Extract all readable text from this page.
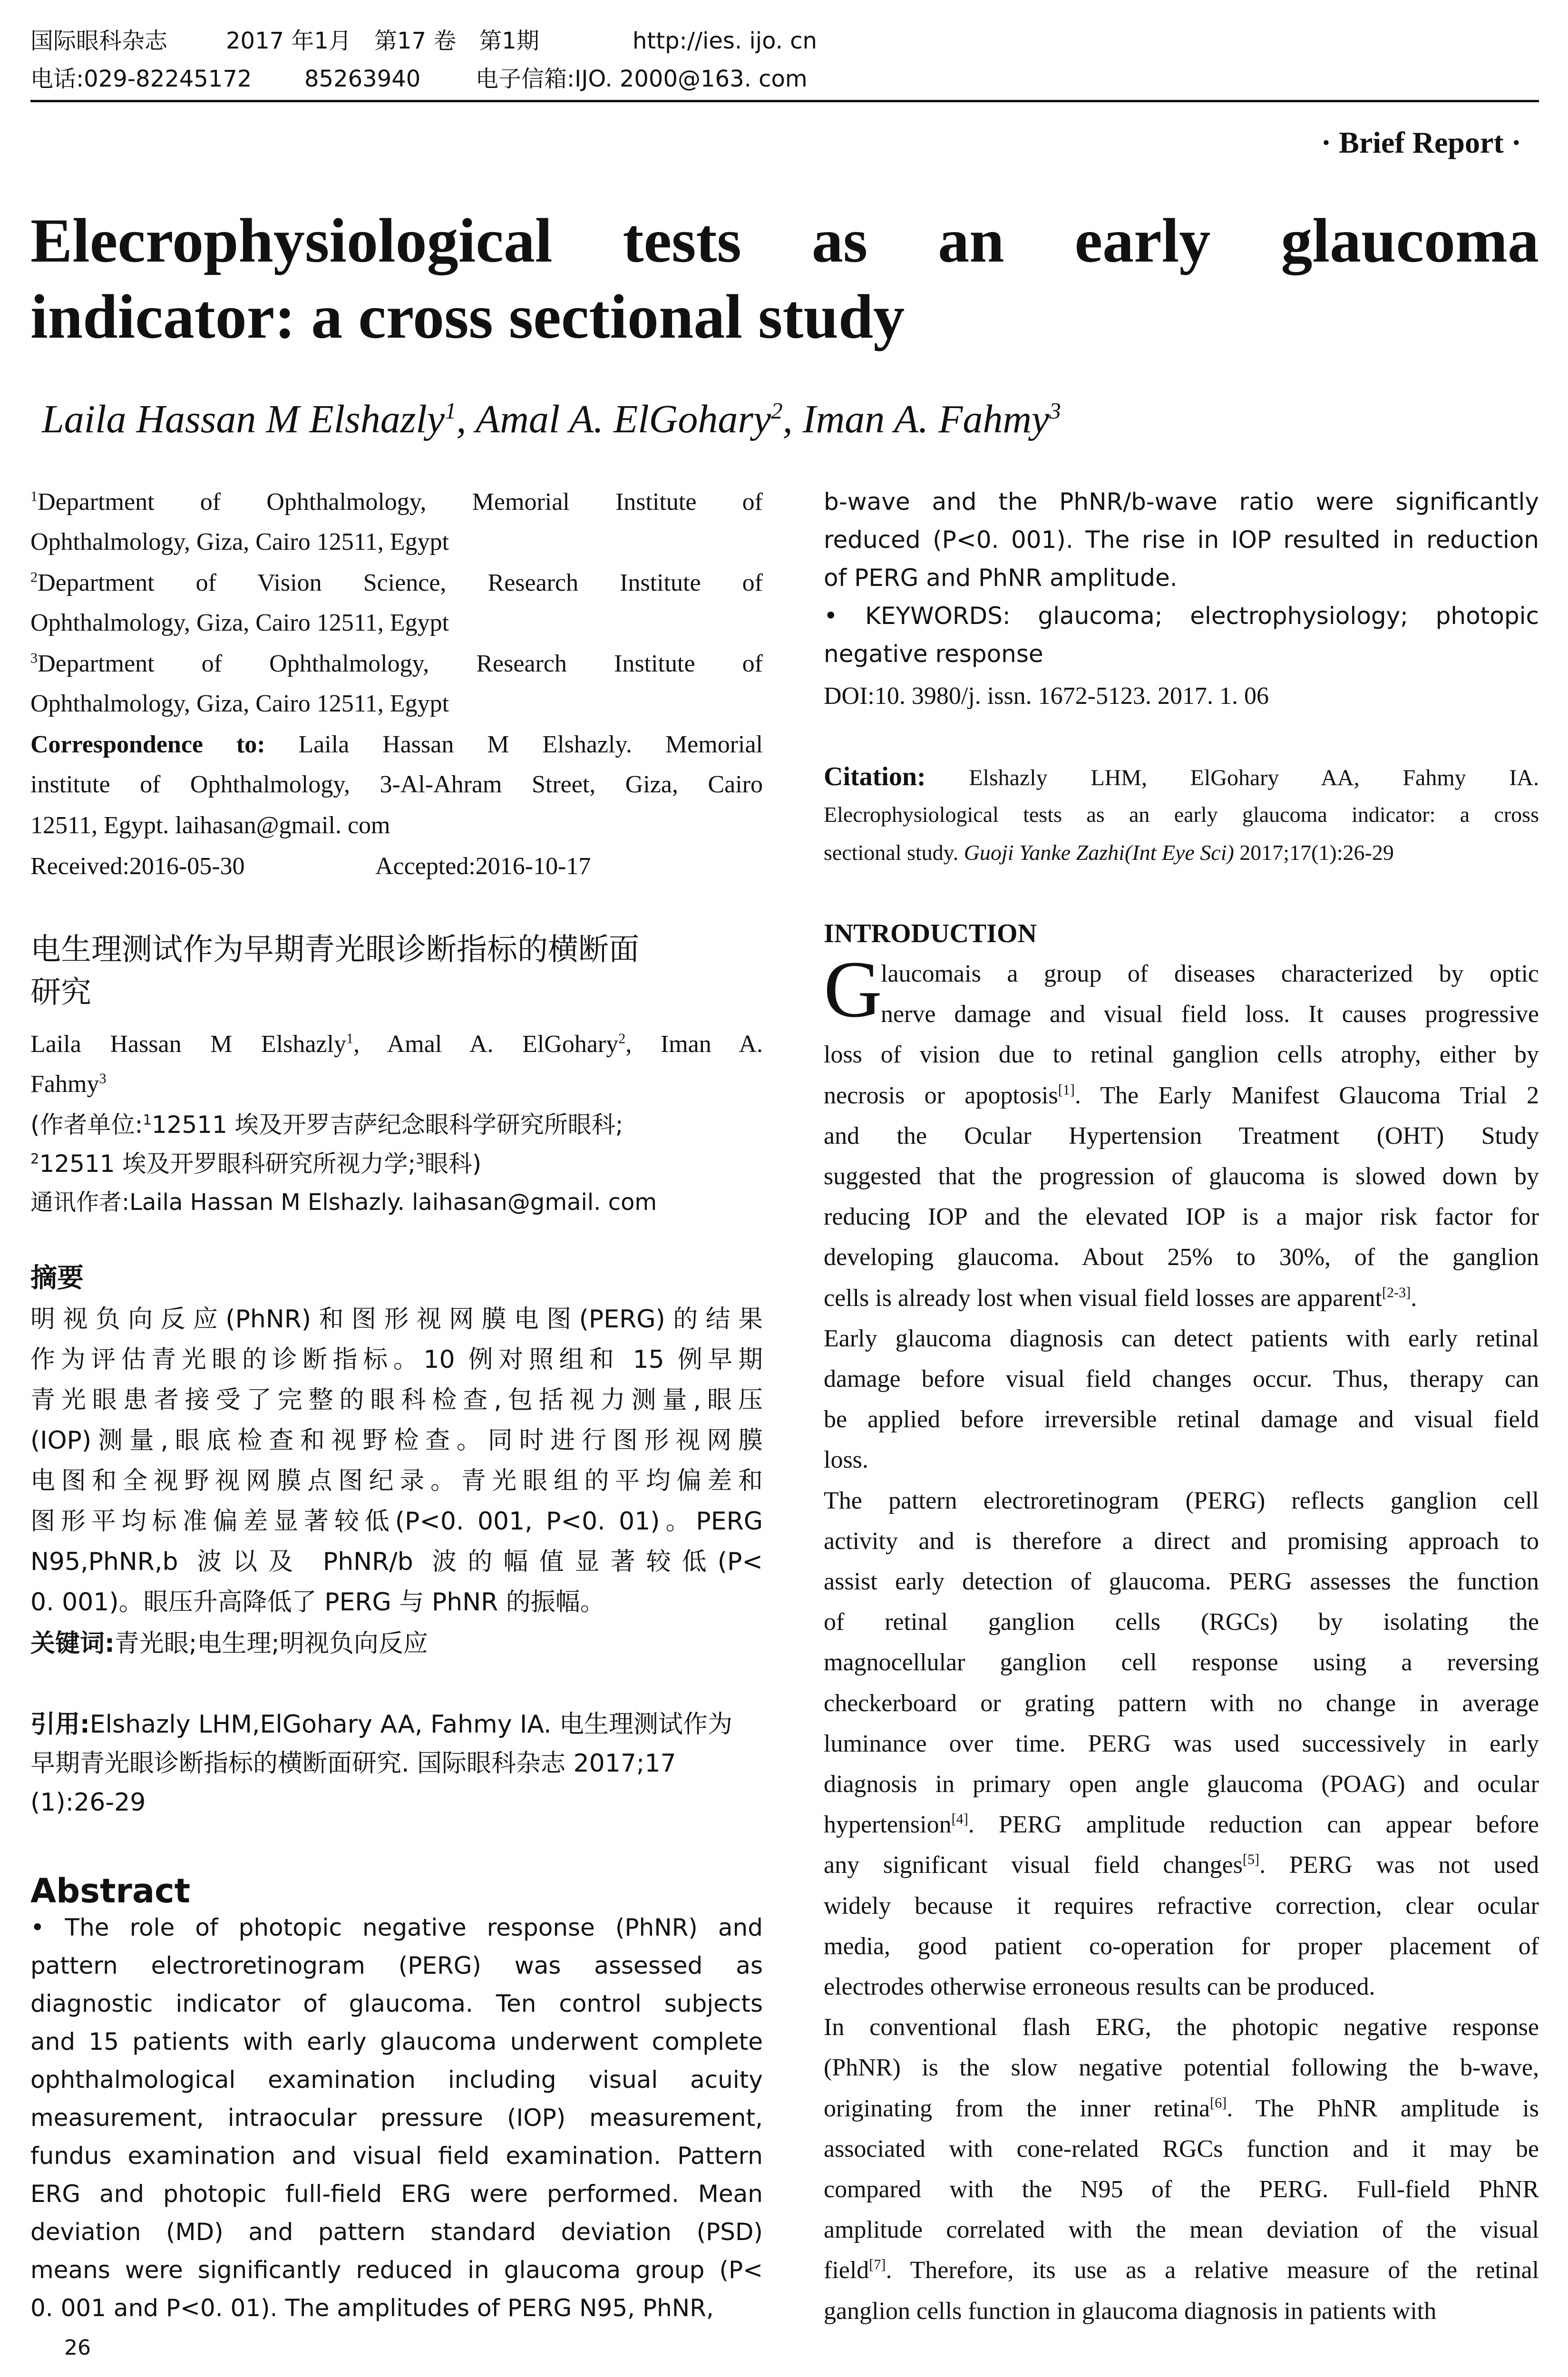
国际眼科杂志	2017 年1月　第17 卷　第1期	http://ies. ijo. cn
电话:029-82245172 85263940 电子信箱:IJO. 2000@163. com
· Brief Report ·
Elecrophysiological tests as an early glaucoma
indicator: a cross sectional study
Laila Hassan M Elshazly$^1$, Amal A. ElGohary$^2$, Iman A. Fahmy$^3$
$^1$Department of Ophthalmology, Memorial Institute of
Ophthalmology, Giza, Cairo 12511, Egypt
$^2$Department of Vision Science, Research Institute of
Ophthalmology, Giza, Cairo 12511, Egypt
$^3$Department of Ophthalmology, Research Institute of
Ophthalmology, Giza, Cairo 12511, Egypt
Correspondence to: Laila Hassan M Elshazly. Memorial
institute of Ophthalmology, 3-Al-Ahram Street, Giza, Cairo
12511, Egypt. laihasan@gmail. com
Received:2016-05-30	Accepted:2016-10-17
电生理测试作为早期青光眼诊断指标的横断面
研究
Laila Hassan M Elshazly$^1$, Amal A. ElGohary$^2$, Iman A.
Fahmy$^3$
(作者单位:$^1$12511 埃及开罗吉萨纪念眼科学研究所眼科;
$^2$12511 埃及开罗眼科研究所视力学;$^3$眼科)
通讯作者:Laila Hassan M Elshazly. laihasan@gmail. com
摘要
明视负向反应(PhNR)和图形视网膜电图(PERG)的结果
作为评估青光眼的诊断指标。10 例对照组和 15 例早期
青光眼患者接受了完整的眼科检查,包括视力测量,眼压
(IOP)测量,眼底检查和视野检查。同时进行图形视网膜
电图和全视野视网膜点图纪录。青光眼组的平均偏差和
图形平均标准偏差显著较低(P<0. 001, P<0. 01)。PERG
N95,PhNR,b 波以及 PhNR/b 波的幅值显著较低(P<
0. 001)。眼压升高降低了 PERG 与 PhNR 的振幅。
关键词:青光眼;电生理;明视负向反应
引用:Elshazly LHM,ElGohary AA, Fahmy IA. 电生理测试作为
早期青光眼诊断指标的横断面研究. 国际眼科杂志 2017;17
(1):26-29
Abstract
• The role of photopic negative response (PhNR) and
pattern electroretinogram (PERG) was assessed as
diagnostic indicator of glaucoma. Ten control subjects
and 15 patients with early glaucoma underwent complete
ophthalmological examination including visual acuity
measurement, intraocular pressure (IOP) measurement,
fundus examination and visual field examination. Pattern
ERG and photopic full-field ERG were performed. Mean
deviation (MD) and pattern standard deviation (PSD)
means were significantly reduced in glaucoma group (P<
0. 001 and P<0. 01). The amplitudes of PERG N95, PhNR,
b-wave and the PhNR/b-wave ratio were significantly
reduced (P<0. 001). The rise in IOP resulted in reduction
of PERG and PhNR amplitude.
• KEYWORDS: glaucoma; electrophysiology; photopic
negative response
DOI:10. 3980/j. issn. 1672-5123. 2017. 1. 06
Citation: Elshazly LHM, ElGohary AA, Fahmy IA.
Elecrophysiological tests as an early glaucoma indicator: a cross
sectional study. Guoji Yanke Zazhi(Int Eye Sci) 2017;17(1):26-29
INTRODUCTION
G
laucomais a group of diseases characterized by optic
nerve damage and visual field loss. It causes progressive
loss of vision due to retinal ganglion cells atrophy, either by
necrosis or apoptosis[1]. The Early Manifest Glaucoma Trial 2
and the Ocular Hypertension Treatment (OHT) Study
suggested that the progression of glaucoma is slowed down by
reducing IOP and the elevated IOP is a major risk factor for
developing glaucoma. About 25% to 30%, of the ganglion
cells is already lost when visual field losses are apparent[2-3].
Early glaucoma diagnosis can detect patients with early retinal
damage before visual field changes occur. Thus, therapy can
be applied before irreversible retinal damage and visual field
loss.
The pattern electroretinogram (PERG) reflects ganglion cell
activity and is therefore a direct and promising approach to
assist early detection of glaucoma. PERG assesses the function
of retinal ganglion cells (RGCs) by isolating the
magnocellular ganglion cell response using a reversing
checkerboard or grating pattern with no change in average
luminance over time. PERG was used successively in early
diagnosis in primary open angle glaucoma (POAG) and ocular
hypertension[4]. PERG amplitude reduction can appear before
any significant visual field changes[5]. PERG was not used
widely because it requires refractive correction, clear ocular
media, good patient co-operation for proper placement of
electrodes otherwise erroneous results can be produced.
In conventional flash ERG, the photopic negative response
(PhNR) is the slow negative potential following the b-wave,
originating from the inner retina[6]. The PhNR amplitude is
associated with cone-related RGCs function and it may be
compared with the N95 of the PERG. Full-field PhNR
amplitude correlated with the mean deviation of the visual
field[7]. Therefore, its use as a relative measure of the retinal
ganglion cells function in glaucoma diagnosis in patients with
26
